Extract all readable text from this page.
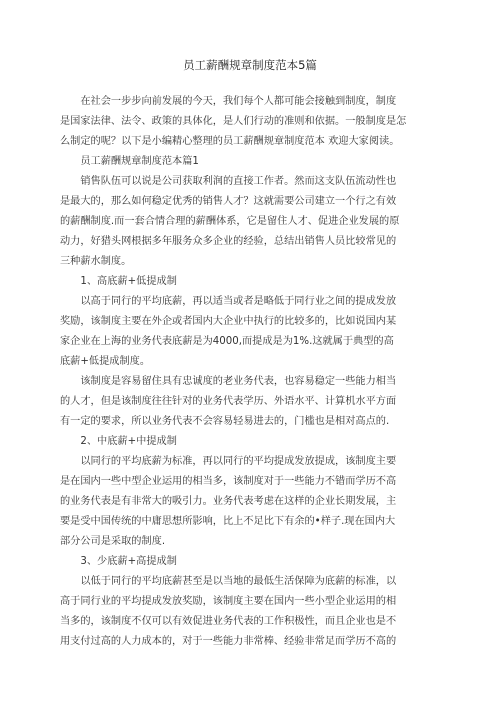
员工薪酬规章制度范本5篇
　　在社会一步步向前发展的今天，我们每个人都可能会接触到制度，制度
是国家法律、法令、政策的具体化，是人们行动的准则和依据。一般制度是怎
么制定的呢？以下是小编精心整理的员工薪酬规章制度范本 欢迎大家阅读。
　　员工薪酬规章制度范本篇1
　　销售队伍可以说是公司获取利润的直接工作者。然而这支队伍流动性也
是最大的，那么如何稳定优秀的销售人才？这就需要公司建立一个行之有效
的薪酬制度.而一套合情合理的薪酬体系，它是留住人才、促进企业发展的原
动力，好猎头网根据多年服务众多企业的经验，总结出销售人员比较常见的
三种薪水制度。
　　1、高底薪+低提成制
　　以高于同行的平均底薪，再以适当或者是略低于同行业之间的提成发放
奖励，该制度主要在外企或者国内大企业中执行的比较多的，比如说国内某
家企业在上海的业务代表底薪是为4000,而提成是为1%.这就属于典型的高
底薪+低提成制度。
　　该制度是容易留住具有忠诚度的老业务代表，也容易稳定一些能力相当
的人才，但是该制度往往针对的业务代表学历、外语水平、计算机水平方面
有一定的要求，所以业务代表不会容易轻易进去的，门槛也是相对高点的.
　　2、中底薪+中提成制
　　以同行的平均底薪为标准，再以同行的平均提成发放提成，该制度主要
是在国内一些中型企业运用的相当多，该制度对于一些能力不错而学历不高
的业务代表是有非常大的吸引力。业务代表考虑在这样的企业长期发展，主
要是受中国传统的中庸思想所影响，比上不足比下有余的•样子.现在国内大
部分公司是采取的制度.
　　3、少底薪+高提成制
　　以低于同行的平均底薪甚至是以当地的最低生活保障为底薪的标准，以
高于同行业的平均提成发放奖励，该制度主要在国内一些小型企业运用的相
当多的，该制度不仅可以有效促进业务代表的工作积极性，而且企业也是不
用支付过高的人力成本的，对于一些能力非常棒、经验非常足而学历不高的
